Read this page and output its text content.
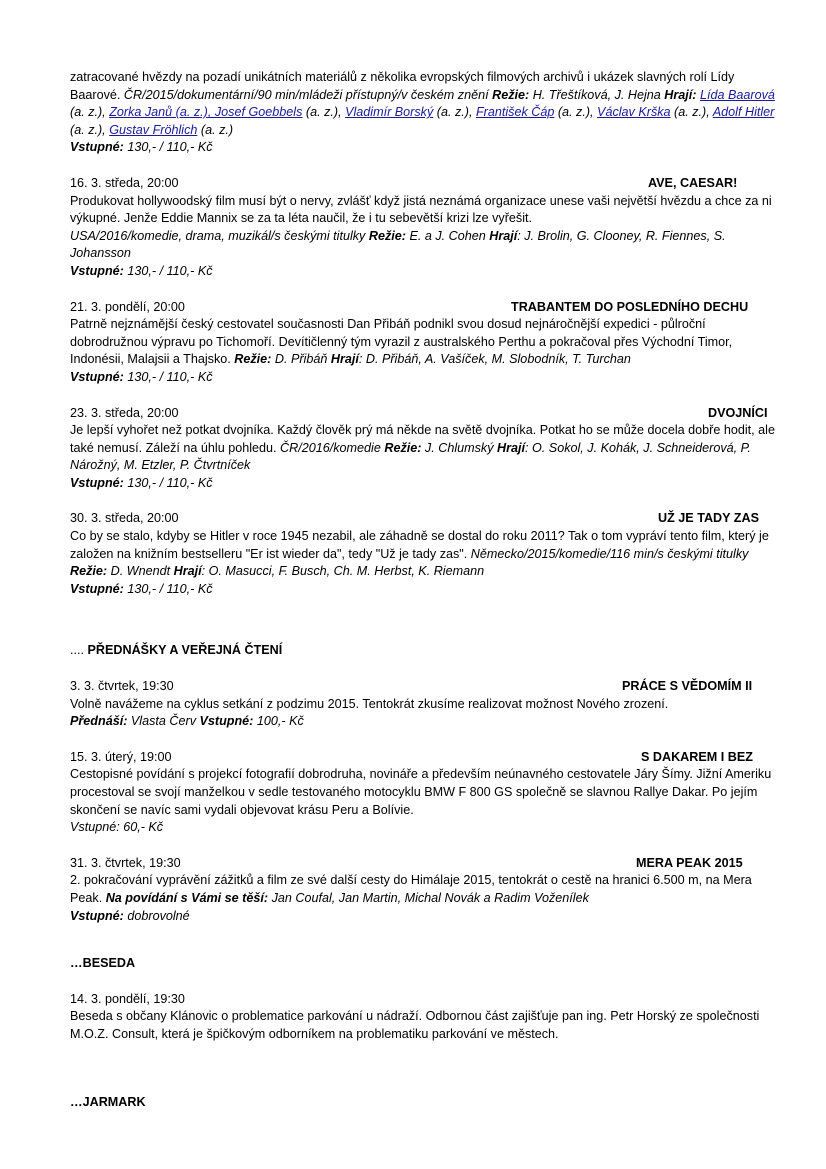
zatracované hvězdy na pozadí unikátních materiálů z několika evropských filmových archivů i ukázek slavných rolí Lídy Baarové. ČR/2015/dokumentární/90 min/mládeži přístupný/v českém znění Režie: H. Třeštíková, J. Hejna Hrají: Lída Baarová (a. z.), Zorka Janů (a. z.), Josef Goebbels (a. z.), Vladimír Borský (a. z.), František Čáp (a. z.), Václav Krška (a. z.), Adolf Hitler (a. z.), Gustav Fröhlich (a. z.)

Vstupné: 130,- / 110,- Kč

16. 3. středa, 20:00	AVE, CAESAR!

Produkovat hollywoodský film musí být o nervy, zvlášť když jistá neznámá organizace unese vaši největší hvězdu a chce za ni výkupné. Jenže Eddie Mannix se za ta léta naučil, že i tu sebevětší krizi lze vyřešit.
USA/2016/komedie, drama, muzikál/s českými titulky Režie: E. a J. Cohen Hrají: J. Brolin, G. Clooney, R. Fiennes, S. Johansson

Vstupné: 130,- / 110,- Kč

21. 3. pondělí, 20:00	TRABANTEM DO POSLEDNÍHO DECHU

Patrně nejznámější český cestovatel současnosti Dan Přibáň podnikl svou dosud nejnáročnější expedici - půlroční dobrodružnou výpravu po Tichomoří. Devítičlenný tým vyrazil z australského Perthu a pokračoval přes Východní Timor, Indonésii, Malajsii a Thajsko. Režie: D. Přibáň Hrají: D. Přibáň, A. Vašíček, M. Slobodník, T. Turchan

Vstupné: 130,- / 110,- Kč

DVOJNÍCI
23. 3. středa, 20:00

Je lepší vyhořet než potkat dvojníka. Každý člověk prý má někde na světě dvojníka. Potkat ho se může docela dobře hodit, ale také nemusí. Záleží na úhlu pohledu. ČR/2016/komedie Režie: J. Chlumský Hrají: O. Sokol, J. Kohák, J. Schneiderová, P. Nárožný, M. Etzler, P. Čtvrtníček

Vstupné: 130,- / 110,- Kč

30. 3. středa, 20:00	UŽ JE TADY ZAS

Co by se stalo, kdyby se Hitler v roce 1945 nezabil, ale záhadně se dostal do roku 2011? Tak o tom vypráví tento film, který je založen na knižním bestselleru "Er ist wieder da", tedy "Už je tady zas". Německo/2015/komedie/116 min/s českými titulky Režie: D. Wnendt Hrají: O. Masucci, F. Busch, Ch. M. Herbst, K. Riemann

Vstupné: 130,- / 110,- Kč

.... PŘEDNÁŠKY A VEŘEJNÁ ČTENÍ
3. 3. čtvrtek, 19:30	PRÁCE S VĚDOMÍM II

Volně navážeme na cyklus setkání z podzimu 2015. Tentokrát zkusíme realizovat možnost Nového zrození.

Přednáší: Vlasta Červ Vstupné: 100,- Kč

15. 3. úterý, 19:00	S DAKAREM I BEZ

Cestopisné povídání s projekcí fotografií dobrodruha, novináře a především neúnavného cestovatele Járy Šímy. Jižní Ameriku procestoval se svojí manželkou v sedle testovaného motocyklu BMW F 800 GS společně se slavnou Rallye Dakar. Po jejím skončení se navíc sami vydali objevovat krásu Peru a Bolívie.

Vstupné: 60,- Kč

31. 3. čtvrtek, 19:30	MERA PEAK 2015

2. pokračování vyprávění zážitků a film ze své další cesty do Himálaje 2015, tentokrát o cestě na hranici 6.500 m, na Mera Peak. Na povídání s Vámi se těší: Jan Coufal, Jan Martin, Michal Novák a Radim Voženílek

Vstupné: dobrovolné

…BESEDA
14. 3. pondělí, 19:30

Beseda s občany Klánovic o problematice parkování u nádraží. Odbornou část zajišťuje pan ing. Petr Horský ze společnosti M.O.Z. Consult, která je špičkovým odborníkem na problematiku parkování ve městech.

…JARMARK
